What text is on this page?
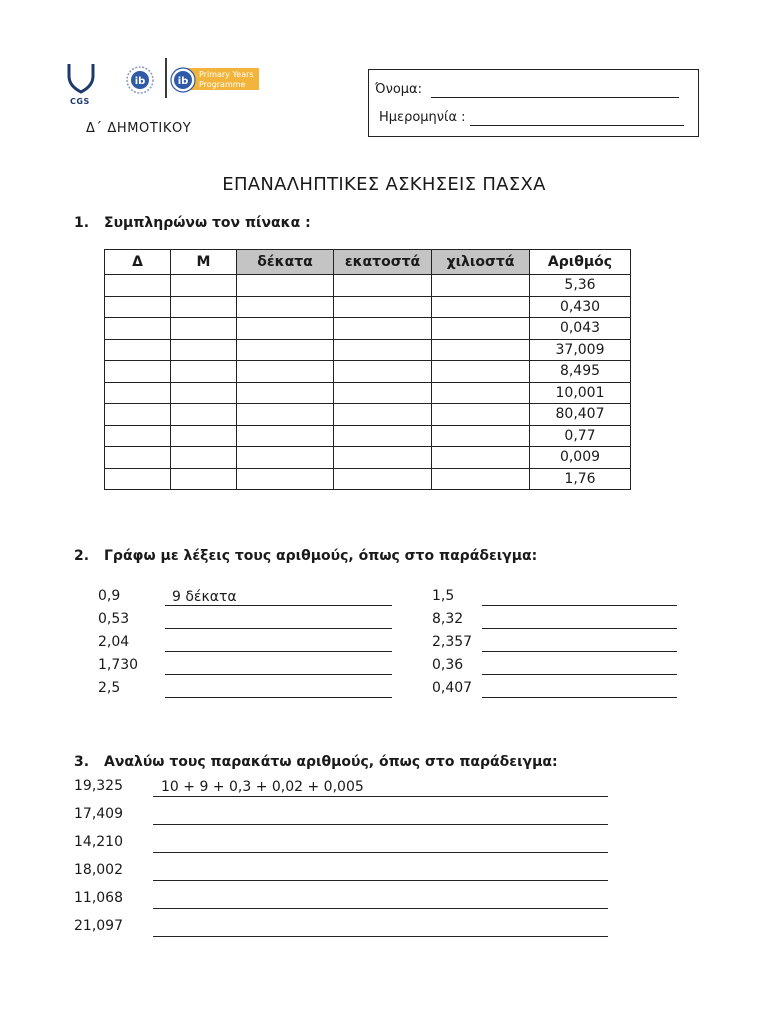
CGS
ib	ib
Primary Years
Programme
Δ΄ ΔΗΜΟΤΙΚΟΥ
Όνομα:
Ημερομηνία :
ΕΠΑΝΑΛΗΠΤΙΚΕΣ ΑΣΚΗΣΕΙΣ ΠΑΣΧΑ
1. Συμπληρώνω τον πίνακα :
Δ	Μ	δέκατα	εκατοστά	χιλιοστά	Αριθμός
					5,36
					0,430
					0,043
					37,009
					8,495
					10,001
					80,407
					0,77
					0,009
					1,76
2. Γράφω με λέξεις τους αριθμούς, όπως στο παράδειγμα:
0,9	9 δέκατα
0,53
2,04
1,730
2,5
1,5
8,32
2,357
0,36
0,407
3. Αναλύω τους παρακάτω αριθμούς, όπως στο παράδειγμα:
19,325	10 + 9 + 0,3 + 0,02 + 0,005
17,409
14,210
18,002
11,068
21,097
